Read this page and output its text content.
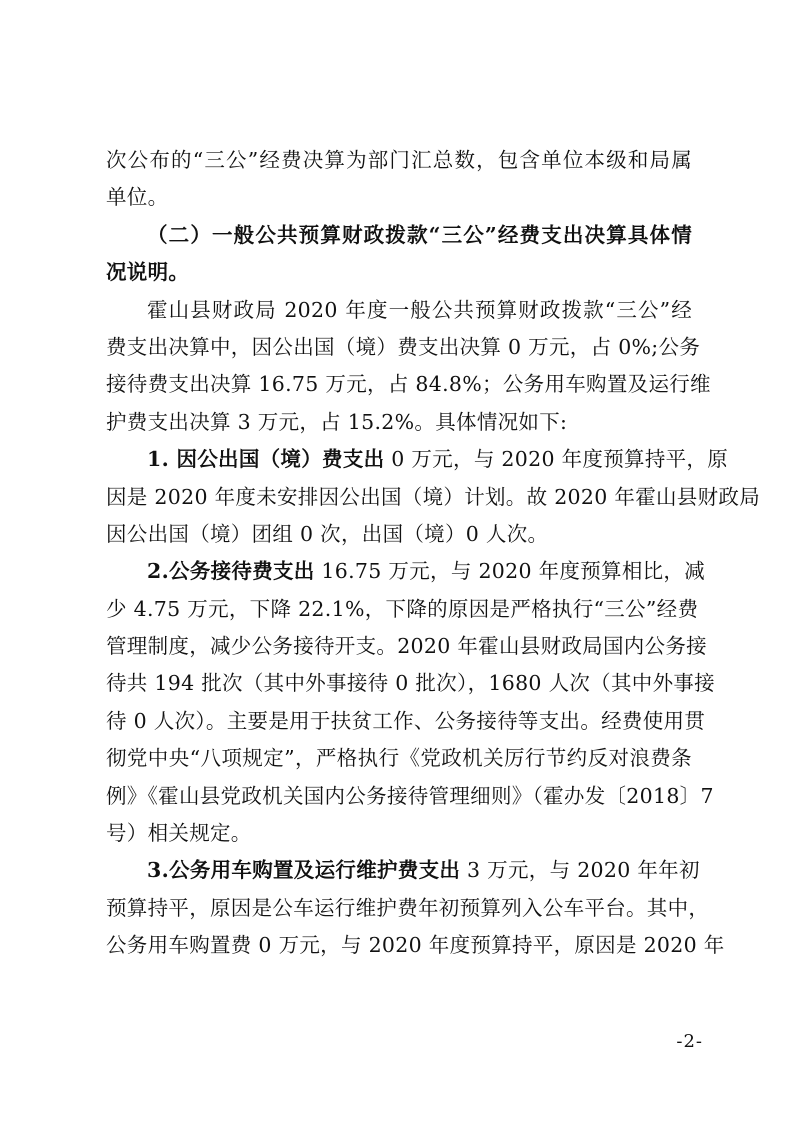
次公布的“三公”经费决算为部门汇总数，包含单位本级和局属
单位。
（二）一般公共预算财政拨款“三公”经费支出决算具体情
况说明。
霍山县财政局 2020 年度一般公共预算财政拨款“三公”经
费支出决算中，因公出国（境）费支出决算 0 万元，占 0%;公务
接待费支出决算 16.75 万元，占 84.8%；公务用车购置及运行维
护费支出决算 3 万元，占 15.2%。具体情况如下:
1. 因公出国（境）费支出 0 万元，与 2020 年度预算持平，原
因是 2020 年度未安排因公出国（境）计划。故 2020 年霍山县财政局
因公出国（境）团组 0 次，出国（境）0 人次。
2.公务接待费支出 16.75 万元，与 2020 年度预算相比，减
少 4.75 万元，下降 22.1%，下降的原因是严格执行“三公”经费
管理制度，减少公务接待开支。2020 年霍山县财政局国内公务接
待共 194 批次（其中外事接待 0 批次），1680 人次（其中外事接
待 0 人次）。主要是用于扶贫工作、公务接待等支出。经费使用贯
彻党中央“八项规定”，严格执行《党政机关厉行节约反对浪费条
例》《霍山县党政机关国内公务接待管理细则》（霍办发〔2018〕7
号）相关规定。
3.公务用车购置及运行维护费支出 3 万元，与 2020 年年初
预算持平，原因是公车运行维护费年初预算列入公车平台。其中，
公务用车购置费 0 万元，与 2020 年度预算持平，原因是 2020 年
-2-
